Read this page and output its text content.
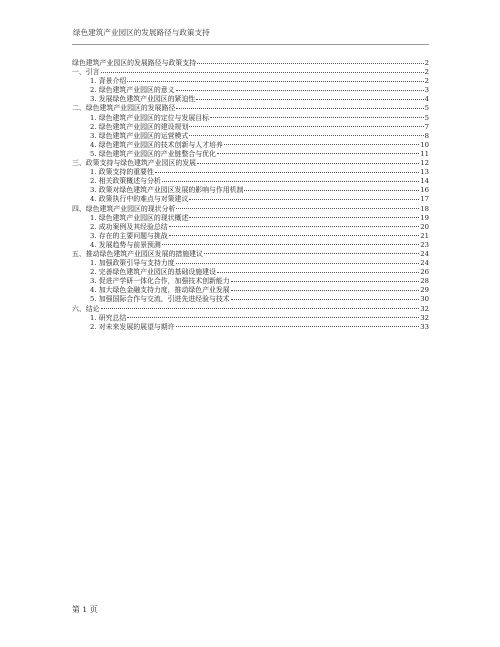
绿色建筑产业园区的发展路径与政策支持
绿色建筑产业园区的发展路径与政策支持	2
一、引言	2
1. 背景介绍	2
2. 绿色建筑产业园区的意义	3
3. 发展绿色建筑产业园区的紧迫性	4
二、绿色建筑产业园区的发展路径	5
1. 绿色建筑产业园区的定位与发展目标	5
2. 绿色建筑产业园区的建设规划	7
3. 绿色建筑产业园区的运营模式	8
4. 绿色建筑产业园区的技术创新与人才培养	10
5. 绿色建筑产业园区的产业链整合与优化	11
三、政策支持与绿色建筑产业园区的发展	12
1. 政策支持的重要性	13
2. 相关政策概述与分析	14
3. 政策对绿色建筑产业园区发展的影响与作用机制	16
4. 政策执行中的难点与对策建议	17
四、绿色建筑产业园区的现状分析	18
1. 绿色建筑产业园区的现状概述	19
2. 成功案例及其经验总结	20
3. 存在的主要问题与挑战	21
4. 发展趋势与前景预测	23
五、推动绿色建筑产业园区发展的措施建议	24
1. 加强政策引导与支持力度	24
2. 完善绿色建筑产业园区的基础设施建设	26
3. 促进产学研一体化合作，加强技术创新能力	28
4. 加大绿色金融支持力度，推动绿色产业发展	29
5. 加强国际合作与交流，引进先进经验与技术	30
六、结论	32
1. 研究总结	32
2. 对未来发展的展望与期许	33
第 1 页
